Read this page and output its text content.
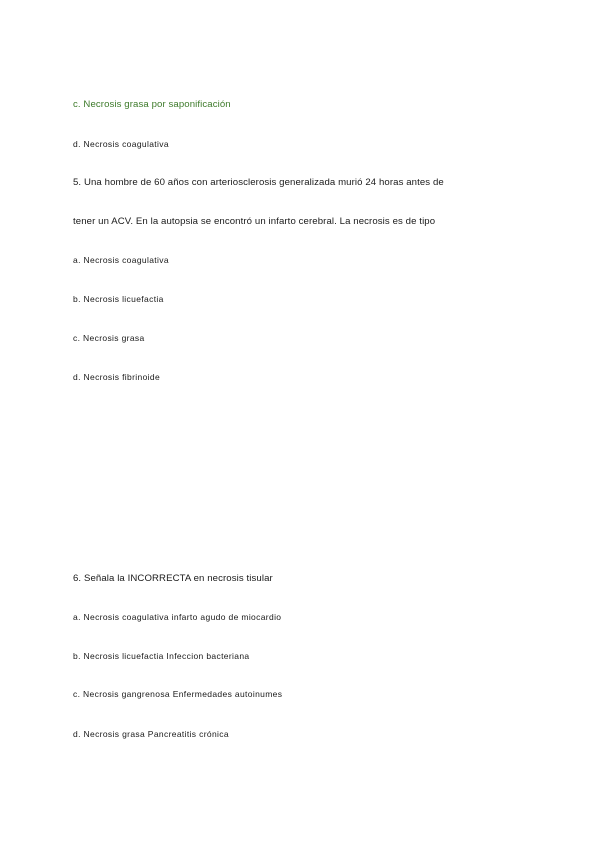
c. Necrosis grasa por saponificación
d. Necrosis coagulativa
5. Una hombre de 60 años con arteriosclerosis generalizada murió 24 horas antes de
tener un ACV. En la autopsia se encontró un infarto cerebral. La necrosis es de tipo
a. Necrosis coagulativa
b. Necrosis licuefactia
c. Necrosis grasa
d. Necrosis fibrinoide
6. Señala la INCORRECTA en necrosis tisular
a. Necrosis coagulativa infarto agudo de miocardio
b. Necrosis licuefactia Infeccion bacteriana
c. Necrosis gangrenosa Enfermedades autoinumes
d. Necrosis grasa Pancreatitis crónica
